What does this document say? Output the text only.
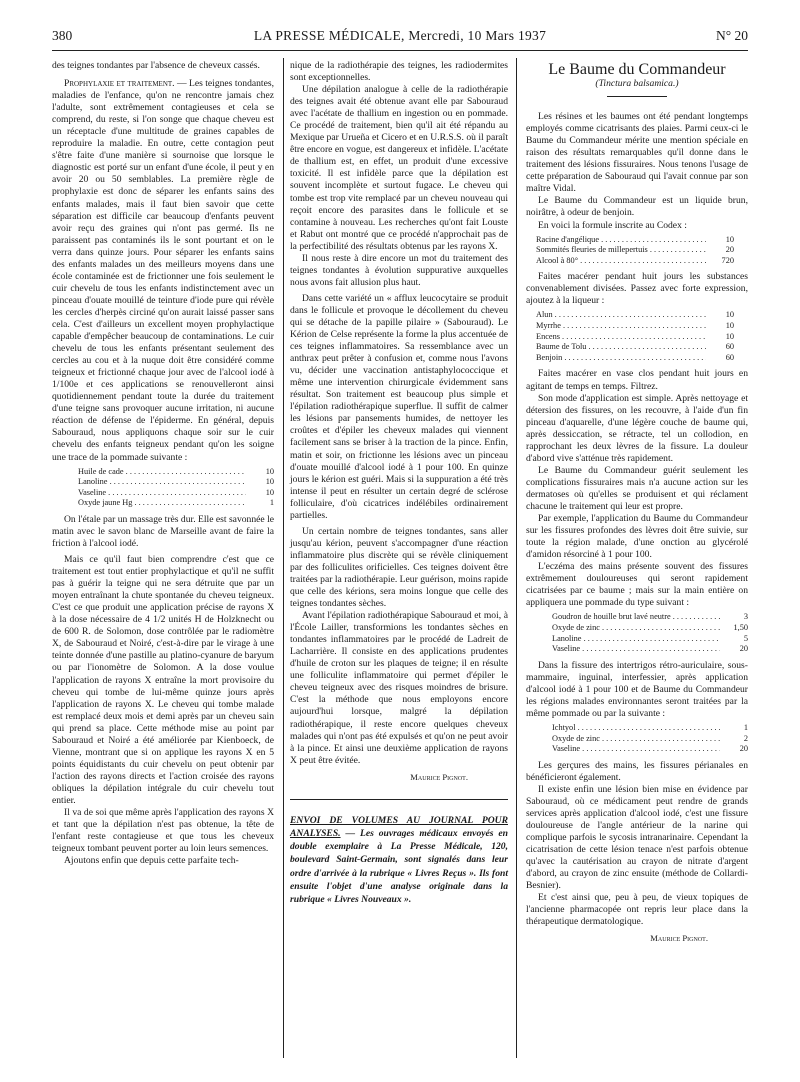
380	LA PRESSE MÉDICALE, Mercredi, 10 Mars 1937	N° 20

des teignes tondantes par l'absence de cheveux cassés.

Prophylaxie et traitement. — Les teignes tondantes, maladies de l'enfance, qu'on ne rencontre jamais chez l'adulte, sont extrêmement contagieuses et cela se comprend, du reste, si l'on songe que chaque cheveu est un réceptacle d'une multitude de graines capables de reproduire la maladie. En outre, cette contagion peut s'être faite d'une manière si sournoise que lorsque le diagnostic est porté sur un enfant d'une école, il peut y en avoir 20 ou 50 semblables. La première règle de prophylaxie est donc de séparer les enfants sains des enfants malades, mais il faut bien savoir que cette séparation est difficile car beaucoup d'enfants peuvent avoir reçu des graines qui n'ont pas germé. Ils ne paraissent pas contaminés ils le sont pourtant et on le verra dans quinze jours. Pour séparer les enfants sains des enfants malades un des meilleurs moyens dans une école contaminée est de frictionner une fois seulement le cuir chevelu de tous les enfants indistinctement avec un pinceau d'ouate mouillé de teinture d'iode pure qui révèle les cercles d'herpès circiné qu'on aurait laissé passer sans cela. C'est d'ailleurs un excellent moyen prophylactique capable d'empêcher beaucoup de contaminations. Le cuir chevelu de tous les enfants présentant seulement des cercles au cou et à la nuque doit être considéré comme teigneux et frictionné chaque jour avec de l'alcool iodé à 1/100e et ces applications se renouvelleront ainsi quotidiennement pendant toute la durée du traitement d'une teigne sans provoquer aucune irritation, ni aucune réaction de défense de l'épiderme. En général, depuis Sabouraud, nous appliquons chaque soir sur le cuir chevelu des enfants teigneux pendant qu'on les soigne une trace de la pommade suivante :

Huile de cade . . .	10
Lanoline . . .	10
Vaseline . . .	10
Oxyde jaune Hg . . .	1

On l'étale par un massage très dur. Elle est savonnée le matin avec le savon blanc de Marseille avant de faire la friction à l'alcool iodé.

Mais ce qu'il faut bien comprendre c'est que ce traitement est tout entier prophylactique et qu'il ne suffit pas à guérir la teigne qui ne sera détruite que par un moyen entraînant la chute spontanée du cheveu teigneux. C'est ce que produit une application précise de rayons X à la dose nécessaire de 4 1/2 unités H de Holzknecht ou de 600 R. de Solomon, dose contrôlée par le radiomètre X, de Sabouraud et Noiré, c'est-à-dire par le virage à une teinte donnée d'une pastille au platino-cyanure de baryum ou par l'ionomètre de Solomon. A la dose voulue l'application de rayons X entraîne la mort provisoire du cheveu qui tombe de lui-même quinze jours après l'application de rayons X. Le cheveu qui tombe malade est remplacé deux mois et demi après par un cheveu sain qui prend sa place. Cette méthode mise au point par Sabouraud et Noiré a été améliorée par Kienboeck, de Vienne, montrant que si on applique les rayons X en 5 points équidistants du cuir chevelu on peut obtenir par l'action des rayons directs et l'action croisée des rayons obliques la dépilation intégrale du cuir chevelu tout entier.

Il va de soi que même après l'application des rayons X et tant que la dépilation n'est pas obtenue, la tête de l'enfant reste contagieuse et que tous les cheveux teigneux tombant peuvent porter au loin leurs semences.

Ajoutons enfin que depuis cette parfaite tech-

nique de la radiothérapie des teignes, les radiodermites sont exceptionnelles.

Une dépilation analogue à celle de la radiothérapie des teignes avait été obtenue avant elle par Sabouraud avec l'acétate de thallium en ingestion ou en pommade. Ce procédé de traitement, bien qu'il ait été répandu au Mexique par Urueña et Cicero et en U.R.S.S. où il paraît être encore en vogue, est dangereux et infidèle. L'acétate de thallium est, en effet, un produit d'une excessive toxicité. Il est infidèle parce que la dépilation est souvent incomplète et surtout fugace. Le cheveu qui tombe est trop vite remplacé par un cheveu nouveau qui reçoit encore des parasites dans le follicule et se contamine à nouveau. Les recherches qu'ont fait Louste et Rabut ont montré que ce procédé n'approchait pas de la perfectibilité des résultats obtenus par les rayons X.

Il nous reste à dire encore un mot du traitement des teignes tondantes à évolution suppurative auxquelles nous avons fait allusion plus haut.

Dans cette variété un « afflux leucocytaire se produit dans le follicule et provoque le décollement du cheveu qui se détache de la papille pilaire » (Sabouraud). Le Kérion de Celse représente la forme la plus accentuée de ces teignes inflammatoires. Sa ressemblance avec un anthrax peut prêter à confusion et, comme nous l'avons vu, décider une vaccination antistaphylococcique et même une intervention chirurgicale évidemment sans résultat. Son traitement est beaucoup plus simple et l'épilation radiothérapique superflue. Il suffit de calmer les lésions par pansements humides, de nettoyer les croûtes et d'épiler les cheveux malades qui viennent facilement sans se briser à la traction de la pince. Enfin, matin et soir, on frictionne les lésions avec un pinceau d'ouate mouillé d'alcool iodé à 1 pour 100. En quinze jours le kérion est guéri. Mais si la suppuration a été très intense il peut en résulter un certain degré de sclérose folliculaire, d'où cicatrices indélébiles ordinairement partielles.

Un certain nombre de teignes tondantes, sans aller jusqu'au kérion, peuvent s'accompagner d'une réaction inflammatoire plus discrète qui se révèle cliniquement par des folliculites orificielles. Ces teignes doivent être traitées par la radiothérapie. Leur guérison, moins rapide que celle des kérions, sera moins longue que celle des teignes tondantes sèches.

Avant l'épilation radiothérapique Sabouraud et moi, à l'École Lailler, transformions les tondantes sèches en tondantes inflammatoires par le procédé de Ladreit de Lacharrière. Il consiste en des applications prudentes d'huile de croton sur les plaques de teigne; il en résulte une folliculite inflammatoire qui permet d'épiler le cheveu teigneux avec des risques moindres de brisure. C'est la méthode que nous employons encore aujourd'hui lorsque, malgré la dépilation radiothérapique, il reste encore quelques cheveux malades qui n'ont pas été expulsés et qu'on ne peut avoir à la pince. Et ainsi une deuxième application de rayons X peut être évitée.

Maurice Pignot.
ENVOI DE VOLUMES AU JOURNAL POUR ANALYSES. — Les ouvrages médicaux envoyés en double exemplaire à La Presse Médicale, 120, boulevard Saint-Germain, sont signalés dans leur ordre d'arrivée à la rubrique « Livres Reçus ». Ils font ensuite l'objet d'une analyse originale dans la rubrique « Livres Nouveaux ».
Le Baume du Commandeur
(Tinctura balsamica.)

Les résines et les baumes ont été pendant longtemps employés comme cicatrisants des plaies. Parmi ceux-ci le Baume du Commandeur mérite une mention spéciale en raison des résultats remarquables qu'il donne dans le traitement des lésions fissuraires. Nous tenons l'usage de cette préparation de Sabouraud qui l'avait connue par son maître Vidal.

Le Baume du Commandeur est un liquide brun, noirâtre, à odeur de benjoin.

En voici la formule inscrite au Codex :

Racine d'angélique . . .	10
Sommités fleuries de millepertuis . . .	20
Alcool à 80° . . .	720

Faites macérer pendant huit jours les substances convenablement divisées. Passez avec forte expression, ajoutez à la liqueur :

Alun . . .	10
Myrrhe . . .	10
Encens . . .	10
Baume de Tolu . . .	60
Benjoin . . .	60

Faites macérer en vase clos pendant huit jours en agitant de temps en temps. Filtrez.

Son mode d'application est simple. Après nettoyage et détersion des fissures, on les recouvre, à l'aide d'un fin pinceau d'aquarelle, d'une légère couche de baume qui, après dessiccation, se rétracte, tel un collodion, en rapprochant les deux lèvres de la fissure. La douleur d'abord vive s'atténue très rapidement.

Le Baume du Commandeur guérit seulement les complications fissuraires mais n'a aucune action sur les dermatoses où qu'elles se produisent et qui réclament chacune le traitement qui leur est propre.

Par exemple, l'application du Baume du Commandeur sur les fissures profondes des lèvres doit être suivie, sur toute la région malade, d'une onction au glycérolé d'amidon résorciné à 1 pour 100.

L'eczéma des mains présente souvent des fissures extrêmement douloureuses qui seront rapidement cicatrisées par ce baume ; mais sur la main entière on appliquera une pommade du type suivant :

Goudron de houille brut lavé neutre . . .	3
Oxyde de zinc . . .	1,50
Lanoline . . .	5
Vaseline . . .	20

Dans la fissure des intertrigos rétro-auriculaire, sous-mammaire, inguinal, interfessier, après application d'alcool iodé à 1 pour 100 et de Baume du Commandeur les régions malades environnantes seront traitées par la même pommade ou par la suivante :

Ichtyol . . .	1
Oxyde de zinc . . .	2
Vaseline . . .	20

Les gerçures des mains, les fissures périanales en bénéficieront également.

Il existe enfin une lésion bien mise en évidence par Sabouraud, où ce médicament peut rendre de grands services après application d'alcool iodé, c'est une fissure douloureuse de l'angle antérieur de la narine qui complique parfois le sycosis intranarinaire. Cependant la cicatrisation de cette lésion tenace n'est parfois obtenue qu'avec la cautérisation au crayon de nitrate d'argent d'abord, au crayon de zinc ensuite (méthode de Collardi-Besnier).

Et c'est ainsi que, peu à peu, de vieux topiques de l'ancienne pharmacopée ont repris leur place dans la thérapeutique dermatologique.

Maurice Pignot.
